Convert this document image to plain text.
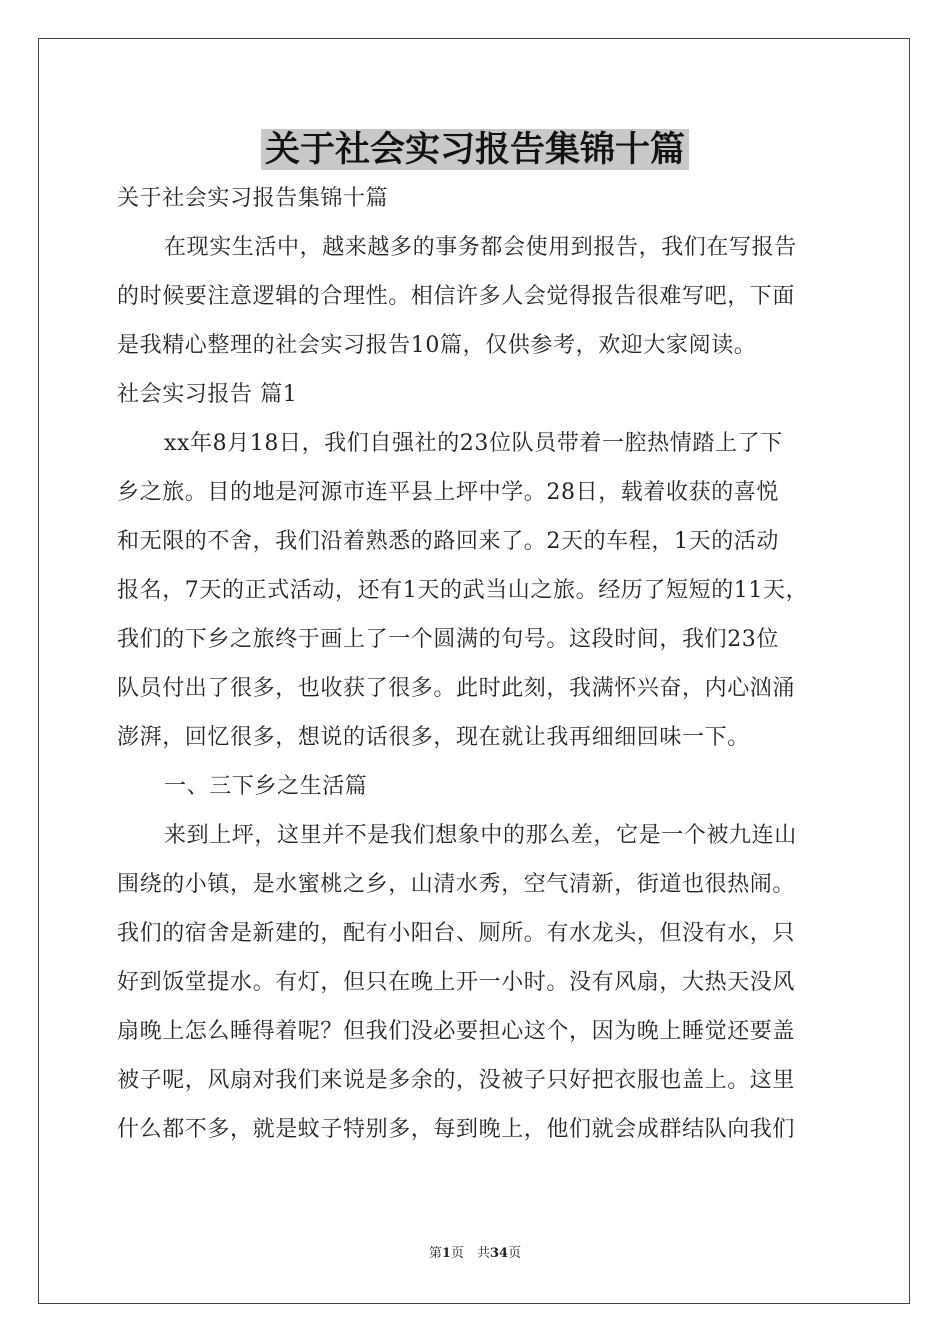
关于社会实习报告集锦十篇

关于社会实习报告集锦十篇

在现实生活中，越来越多的事务都会使用到报告，我们在写报告

的时候要注意逻辑的合理性。相信许多人会觉得报告很难写吧，下面

是我精心整理的社会实习报告10篇，仅供参考，欢迎大家阅读。

社会实习报告 篇1

xx年8月18日，我们自强社的23位队员带着一腔热情踏上了下

乡之旅。目的地是河源市连平县上坪中学。28日，载着收获的喜悦

和无限的不舍，我们沿着熟悉的路回来了。2天的车程，1天的活动

报名，7天的正式活动，还有1天的武当山之旅。经历了短短的11天，

我们的下乡之旅终于画上了一个圆满的句号。这段时间，我们23位

队员付出了很多，也收获了很多。此时此刻，我满怀兴奋，内心汹涌

澎湃，回忆很多，想说的话很多，现在就让我再细细回味一下。

一、三下乡之生活篇

来到上坪，这里并不是我们想象中的那么差，它是一个被九连山

围绕的小镇，是水蜜桃之乡，山清水秀，空气清新，街道也很热闹。

我们的宿舍是新建的，配有小阳台、厕所。有水龙头，但没有水，只

好到饭堂提水。有灯，但只在晚上开一小时。没有风扇，大热天没风

扇晚上怎么睡得着呢？但我们没必要担心这个，因为晚上睡觉还要盖

被子呢，风扇对我们来说是多余的，没被子只好把衣服也盖上。这里

什么都不多，就是蚊子特别多，每到晚上，他们就会成群结队向我们

第1页　共34页
